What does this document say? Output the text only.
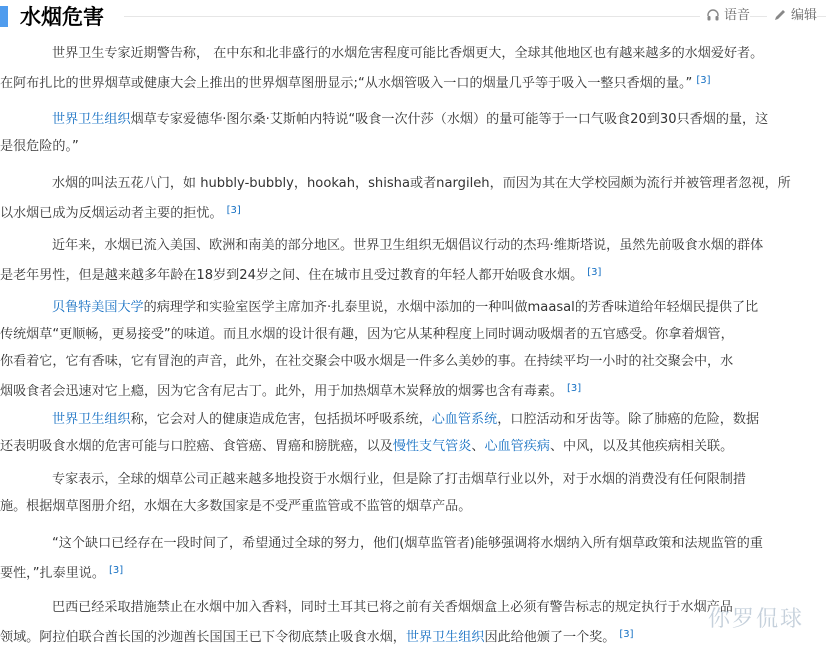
水烟危害	语音	编辑
世界卫生专家近期警告称， 在中东和北非盛行的水烟危害程度可能比香烟更大，全球其他地区也有越来越多的水烟爱好者。
在阿布扎比的世界烟草或健康大会上推出的世界烟草图册显示;“从水烟管吸入一口的烟量几乎等于吸入一整只香烟的量。” [3]
世界卫生组织烟草专家爱德华·图尔桑·艾斯帕内特说“吸食一次什莎（水烟）的量可能等于一口气吸食20到30只香烟的量，这
是很危险的。”
水烟的叫法五花八门，如 hubbly-bubbly，hookah，shisha或者nargileh，而因为其在大学校园颇为流行并被管理者忽视，所
以水烟已成为反烟运动者主要的拒忧。 [3]
近年来，水烟已流入美国、欧洲和南美的部分地区。世界卫生组织无烟倡议行动的杰玛·维斯塔说，虽然先前吸食水烟的群体
是老年男性，但是越来越多年龄在18岁到24岁之间、住在城市且受过教育的年轻人都开始吸食水烟。 [3]
贝鲁特美国大学的病理学和实验室医学主席加齐·扎泰里说，水烟中添加的一种叫做maasal的芳香味道给年轻烟民提供了比
传统烟草“更顺畅，更易接受”的味道。而且水烟的设计很有趣，因为它从某种程度上同时调动吸烟者的五官感受。你拿着烟管，
你看着它，它有香味，它有冒泡的声音，此外，在社交聚会中吸水烟是一件多么美妙的事。在持续平均一小时的社交聚会中，水
烟吸食者会迅速对它上瘾，因为它含有尼古丁。此外，用于加热烟草木炭释放的烟雾也含有毒素。 [3]
世界卫生组织称，它会对人的健康造成危害，包括损坏呼吸系统，心血管系统，口腔活动和牙齿等。除了肺癌的危险，数据
还表明吸食水烟的危害可能与口腔癌、食管癌、胃癌和膀胱癌，以及慢性支气管炎、心血管疾病、中风，以及其他疾病相关联。
专家表示，全球的烟草公司正越来越多地投资于水烟行业，但是除了打击烟草行业以外，对于水烟的消费没有任何限制措
施。根据烟草图册介绍，水烟在大多数国家是不受严重监管或不监管的烟草产品。
“这个缺口已经存在一段时间了，希望通过全球的努力，他们(烟草监管者)能够强调将水烟纳入所有烟草政策和法规监管的重
要性，”扎泰里说。 [3]
巴西已经采取措施禁止在水烟中加入香料，同时土耳其已将之前有关香烟烟盒上必须有警告标志的规定执行于水烟产品
领域。阿拉伯联合酋长国的沙迦酋长国国王已下令彻底禁止吸食水烟，世界卫生组织因此给他颁了一个奖。 [3]
你罗侃球
